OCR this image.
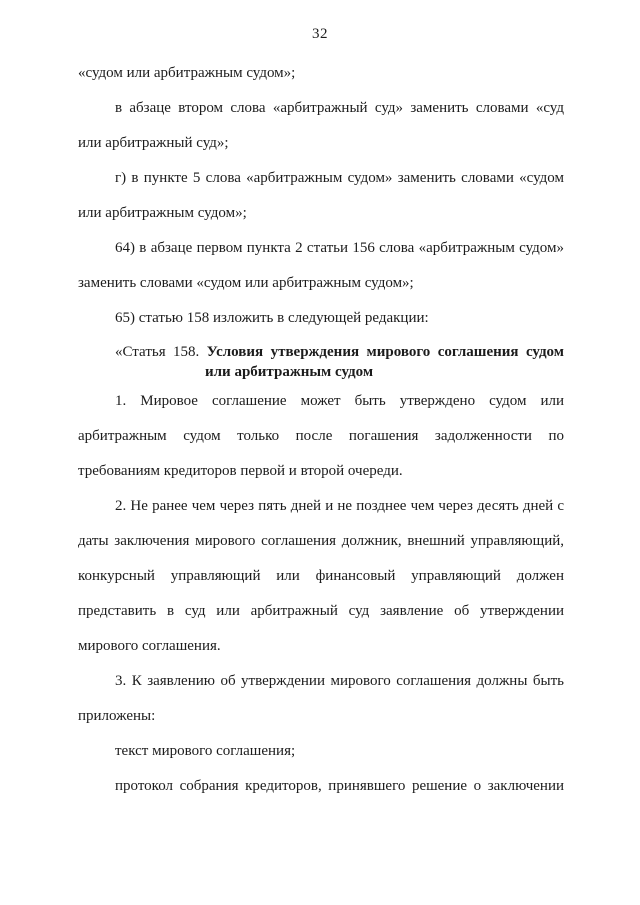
32
«судом или арбитражным судом»;
в абзаце втором слова «арбитражный суд» заменить словами «суд
или арбитражный суд»;
г) в пункте 5 слова «арбитражным судом» заменить словами «судом
или арбитражным судом»;
64) в абзаце первом пункта 2 статьи 156 слова «арбитражным судом»
заменить словами «судом или арбитражным судом»;
65) статью 158 изложить в следующей редакции:
«Статья 158. Условия утверждения мирового соглашения судом
или арбитражным судом
1. Мировое соглашение может быть утверждено судом или
арбитражным судом только после погашения задолженности по
требованиям кредиторов первой и второй очереди.
2. Не ранее чем через пять дней и не позднее чем через десять дней с
даты заключения мирового соглашения должник, внешний управляющий,
конкурсный управляющий или финансовый управляющий должен
представить в суд или арбитражный суд заявление об утверждении
мирового соглашения.
3. К заявлению об утверждении мирового соглашения должны быть
приложены:
текст мирового соглашения;
протокол собрания кредиторов, принявшего решение о заключении
